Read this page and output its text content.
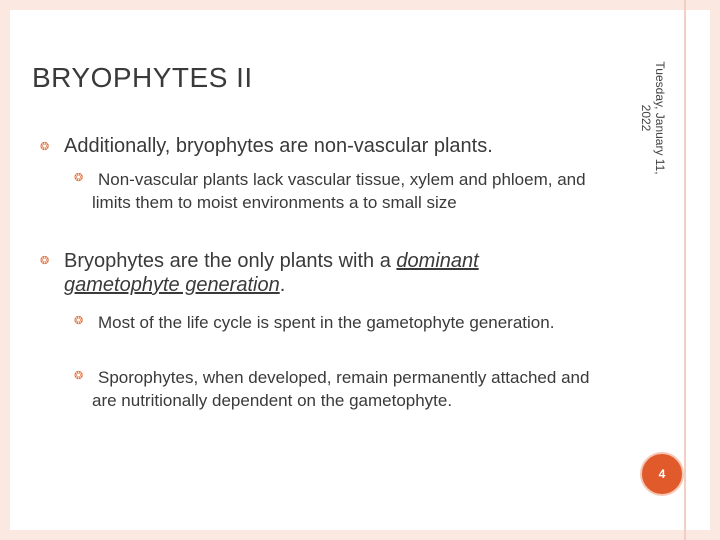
BRYOPHYTES II	Tuesday, January 11, 2022
❂ Additionally, bryophytes are non-vascular plants.
❂ Non-vascular plants lack vascular tissue, xylem and phloem, and limits them to moist environments a to small size
❂ Bryophytes are the only plants with a dominant gametophyte generation.
❂ Most of the life cycle is spent in the gametophyte generation.
❂ Sporophytes, when developed, remain permanently attached and are nutritionally dependent on the gametophyte.
4
